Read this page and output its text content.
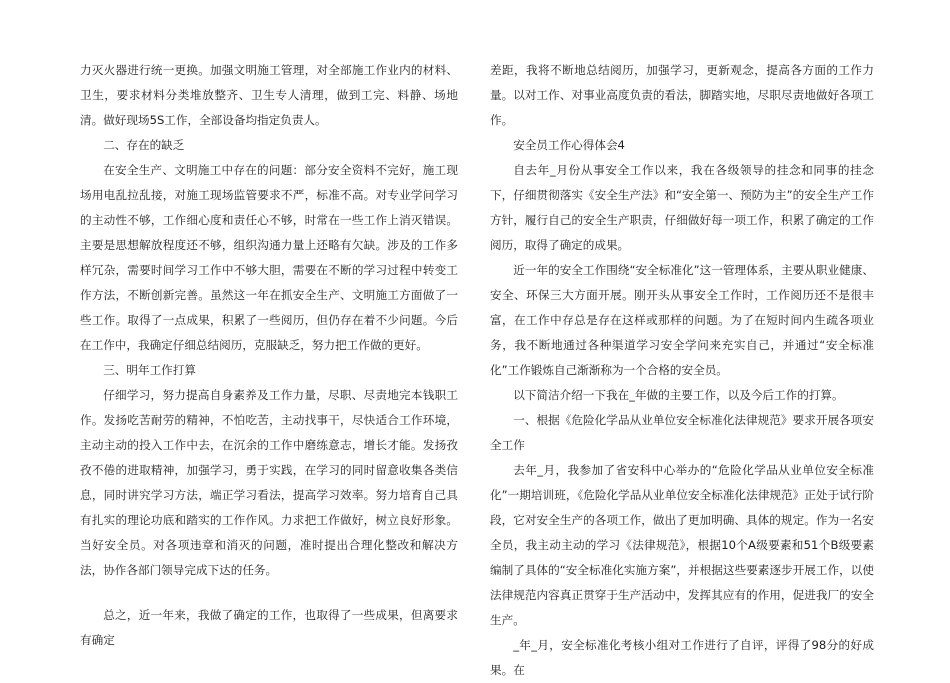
力灭火器进行统一更换。加强文明施工管理，对全部施工作业内的材料、卫生，要求材料分类堆放整齐、卫生专人清理，做到工完、料静、场地清。做好现场5S工作，全部设备均指定负责人。

二、存在的缺乏

在安全生产、文明施工中存在的问题：部分安全资料不完好，施工现场用电乱拉乱接，对施工现场监管要求不严，标准不高。对专业学问学习的主动性不够，工作细心度和责任心不够，时常在一些工作上消灭错误。主要是思想解放程度还不够，组织沟通力量上还略有欠缺。涉及的工作多样冗杂，需要时间学习工作中不够大胆，需要在不断的学习过程中转变工作方法，不断创新完善。虽然这一年在抓安全生产、文明施工方面做了一些工作。取得了一点成果，积累了一些阅历，但仍存在着不少问题。今后在工作中，我确定仔细总结阅历，克服缺乏，努力把工作做的更好。

三、明年工作打算

仔细学习，努力提高自身素养及工作力量，尽职、尽责地完本钱职工作。发扬吃苦耐劳的精神，不怕吃苦，主动找事干，尽快适合工作环境，主动主动的投入工作中去，在沉余的工作中磨练意志，增长才能。发扬孜孜不倦的进取精神，加强学习，勇于实践，在学习的同时留意收集各类信息，同时讲究学习方法，端正学习看法，提高学习效率。努力培育自己具有扎实的理论功底和踏实的工作作风。力求把工作做好，树立良好形象。当好安全员。对各项违章和消灭的问题，准时提出合理化整改和解决方法，协作各部门领导完成下达的任务。

总之，近一年来，我做了确定的工作，也取得了一些成果，但离要求有确定

差距，我将不断地总结阅历，加强学习，更新观念，提高各方面的工作力量。以对工作、对事业高度负责的看法，脚踏实地，尽职尽责地做好各项工作。

安全员工作心得体会4

自去年_月份从事安全工作以来，我在各级领导的挂念和同事的挂念下，仔细贯彻落实《安全生产法》和“安全第一、预防为主”的安全生产工作方针，履行自己的安全生产职责，仔细做好每一项工作，积累了确定的工作阅历，取得了确定的成果。

近一年的安全工作围绕“安全标准化”这一管理体系，主要从职业健康、安全、环保三大方面开展。刚开头从事安全工作时，工作阅历还不是很丰富，在工作中存总是存在这样或那样的问题。为了在短时间内生疏各项业务，我不断地通过各种渠道学习安全学问来充实自己，并通过“安全标准化”工作锻炼自己渐渐称为一个合格的安全员。

以下简洁介绍一下我在_年做的主要工作，以及今后工作的打算。

一、根据《危险化学品从业单位安全标准化法律规范》要求开展各项安全工作

去年_月，我参加了省安科中心举办的“危险化学品从业单位安全标准化”一期培训班，《危险化学品从业单位安全标准化法律规范》正处于试行阶段，它对安全生产的各项工作，做出了更加明确、具体的规定。作为一名安全员，我主动主动的学习《法律规范》，根据10个A级要素和51个B级要素编制了具体的“安全标准化实施方案”，并根据这些要素逐步开展工作，以使法律规范内容真正贯穿于生产活动中，发挥其应有的作用，促进我厂的安全生产。

_年_月，安全标准化考核小组对工作进行了自评，评得了98分的好成果。在
